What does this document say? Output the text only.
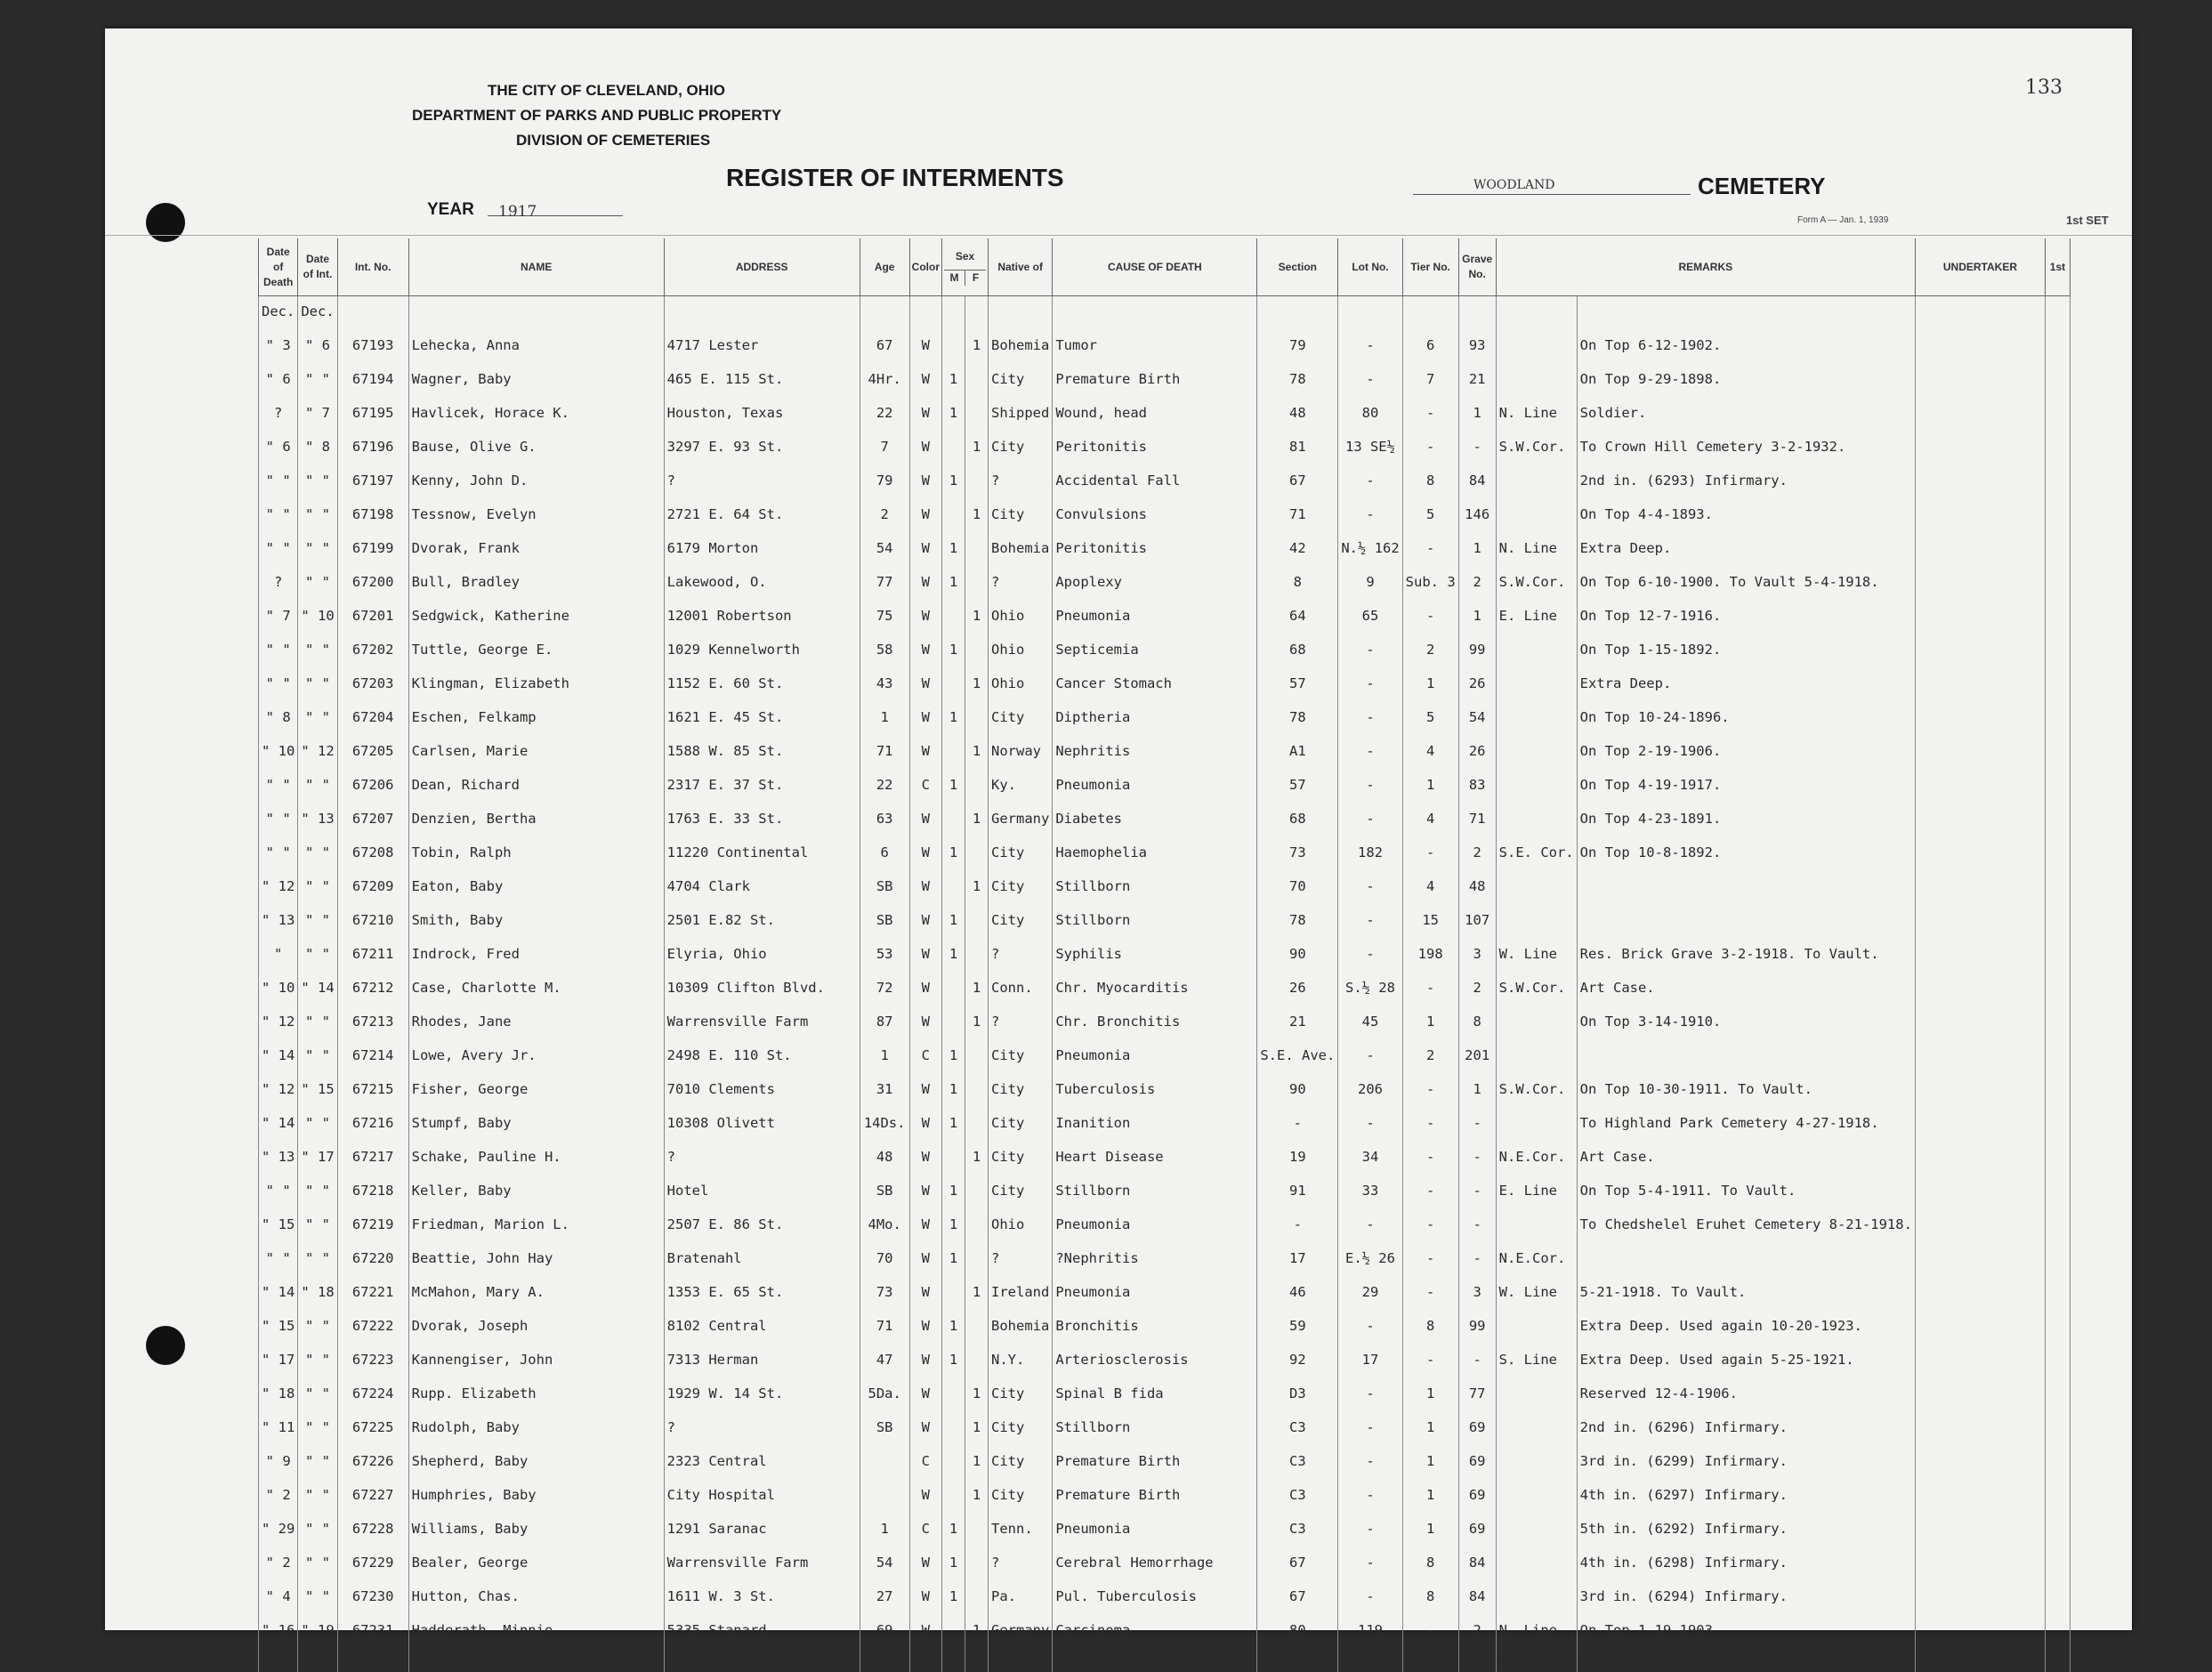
THE CITY OF CLEVELAND, OHIO
DEPARTMENT OF PARKS AND PUBLIC PROPERTY
DIVISION OF CEMETERIES
REGISTER OF INTERMENTS
YEAR 1917
WOODLAND	CEMETERY
133
Form A — Jan. 1, 1939	1st SET
Date of Death	Date of Int.	Int. No.	NAME	ADDRESS	Age	Color	Sex
M F		Native of	CAUSE OF DEATH	Section	Lot No.	Tier No.	Grave No.	REMARKS		UNDERTAKER	1st
Dec.	Dec.																	
" 3	" 6	67193	Lehecka, Anna	4717 Lester	67	W		1	Bohemia	Tumor	79	-	6	93		On Top 6-12-1902.		
" 6	" "	67194	Wagner, Baby	465 E. 115 St.	4Hr.	W	1		City	Premature Birth	78	-	7	21		On Top 9-29-1898.		
?	" 7	67195	Havlicek, Horace K.	Houston, Texas	22	W	1		Shipped	Wound, head	48	80	-	1	N. Line	Soldier.		
" 6	" 8	67196	Bause, Olive G.	3297 E. 93 St.	7	W		1	City	Peritonitis	81	13 SE½	-	-	S.W.Cor.	To Crown Hill Cemetery 3-2-1932.		
" "	" "	67197	Kenny, John D.	?	79	W	1		?	Accidental Fall	67	-	8	84		2nd in. (6293) Infirmary.		
" "	" "	67198	Tessnow, Evelyn	2721 E. 64 St.	2	W		1	City	Convulsions	71	-	5	146		On Top 4-4-1893.		
" "	" "	67199	Dvorak, Frank	6179 Morton	54	W	1		Bohemia	Peritonitis	42	N.½ 162	-	1	N. Line	Extra Deep.		
?	" "	67200	Bull, Bradley	Lakewood, O.	77	W	1		?	Apoplexy	8	9	Sub. 3	2	S.W.Cor.	On Top 6-10-1900. To Vault 5-4-1918.		
" 7	" 10	67201	Sedgwick, Katherine	12001 Robertson	75	W		1	Ohio	Pneumonia	64	65	-	1	E. Line	On Top 12-7-1916.		
" "	" "	67202	Tuttle, George E.	1029 Kennelworth	58	W	1		Ohio	Septicemia	68	-	2	99		On Top 1-15-1892.		
" "	" "	67203	Klingman, Elizabeth	1152 E. 60 St.	43	W		1	Ohio	Cancer Stomach	57	-	1	26		Extra Deep.		
" 8	" "	67204	Eschen, Felkamp	1621 E. 45 St.	1	W	1		City	Diptheria	78	-	5	54		On Top 10-24-1896.		
" 10	" 12	67205	Carlsen, Marie	1588 W. 85 St.	71	W		1	Norway	Nephritis	A1	-	4	26		On Top 2-19-1906.		
" "	" "	67206	Dean, Richard	2317 E. 37 St.	22	C	1		Ky.	Pneumonia	57	-	1	83		On Top 4-19-1917.		
" "	" 13	67207	Denzien, Bertha	1763 E. 33 St.	63	W		1	Germany	Diabetes	68	-	4	71		On Top 4-23-1891.		
" "	" "	67208	Tobin, Ralph	11220 Continental	6	W	1		City	Haemophelia	73	182	-	2	S.E. Cor.	On Top 10-8-1892.		
" 12	" "	67209	Eaton, Baby	4704 Clark	SB	W		1	City	Stillborn	70	-	4	48				
" 13	" "	67210	Smith, Baby	2501 E.82 St.	SB	W	1		City	Stillborn	78	-	15	107				
"	" "	67211	Indrock, Fred	Elyria, Ohio	53	W	1		?	Syphilis	90	-	198	3	W. Line	Res. Brick Grave 3-2-1918. To Vault.		
" 10	" 14	67212	Case, Charlotte M.	10309 Clifton Blvd.	72	W		1	Conn.	Chr. Myocarditis	26	S.½ 28	-	2	S.W.Cor.	Art Case.		
" 12	" "	67213	Rhodes, Jane	Warrensville Farm	87	W		1	?	Chr. Bronchitis	21	45	1	8		On Top 3-14-1910.		
" 14	" "	67214	Lowe, Avery Jr.	2498 E. 110 St.	1	C	1		City	Pneumonia	S.E. Ave.	-	2	201				
" 12	" 15	67215	Fisher, George	7010 Clements	31	W	1		City	Tuberculosis	90	206	-	1	S.W.Cor.	On Top 10-30-1911. To Vault.		
" 14	" "	67216	Stumpf, Baby	10308 Olivett	14Ds.	W	1		City	Inanition	-	-	-	-		To Highland Park Cemetery 4-27-1918.		
" 13	" 17	67217	Schake, Pauline H.	?	48	W		1	City	Heart Disease	19	34	-	-	N.E.Cor.	Art Case.		
" "	" "	67218	Keller, Baby	Hotel	SB	W	1		City	Stillborn	91	33	-	-	E. Line	On Top 5-4-1911. To Vault.		
" 15	" "	67219	Friedman, Marion L.	2507 E. 86 St.	4Mo.	W	1		Ohio	Pneumonia	-	-	-	-		To Chedshelel Eruhet Cemetery 8-21-1918.		
" "	" "	67220	Beattie, John Hay	Bratenahl	70	W	1		?	?Nephritis	17	E.½ 26	-	-	N.E.Cor.			
" 14	" 18	67221	McMahon, Mary A.	1353 E. 65 St.	73	W		1	Ireland	Pneumonia	46	29	-	3	W. Line	5-21-1918. To Vault.		
" 15	" "	67222	Dvorak, Joseph	8102 Central	71	W	1		Bohemia	Bronchitis	59	-	8	99		Extra Deep. Used again 10-20-1923.		
" 17	" "	67223	Kannengiser, John	7313 Herman	47	W	1		N.Y.	Arteriosclerosis	92	17	-	-	S. Line	Extra Deep. Used again 5-25-1921.		
" 18	" "	67224	Rupp. Elizabeth	1929 W. 14 St.	5Da.	W		1	City	Spinal B fida	D3	-	1	77		Reserved 12-4-1906.		
" 11	" "	67225	Rudolph, Baby	?	SB	W		1	City	Stillborn	C3	-	1	69		2nd in. (6296) Infirmary.		
" 9	" "	67226	Shepherd, Baby	2323 Central		C		1	City	Premature Birth	C3	-	1	69		3rd in. (6299) Infirmary.		
" 2	" "	67227	Humphries, Baby	City Hospital		W		1	City	Premature Birth	C3	-	1	69		4th in. (6297) Infirmary.		
" 29	" "	67228	Williams, Baby	1291 Saranac	1	C	1		Tenn.	Pneumonia	C3	-	1	69		5th in. (6292) Infirmary.		
" 2	" "	67229	Bealer, George	Warrensville Farm	54	W	1		?	Cerebral Hemorrhage	67	-	8	84		4th in. (6298) Infirmary.		
" 4	" "	67230	Hutton, Chas.	1611 W. 3 St.	27	W	1		Pa.	Pul. Tuberculosis	67	-	8	84		3rd in. (6294) Infirmary.		
" 16	" 19	67231	Hadderath, Minnie	5335 Stanard	69	W		1	Germany	Carcinoma	80	119	-	2	N. Line	On Top 1-19-1903.		
" "	" "	67232	Braun, Katherine	2970 E. 71 St.	84	W		1	Germany	Sclerosis	29	21	Sub. 2	-	S. Line	Reserved Br. Grave 2-24-1893.		
